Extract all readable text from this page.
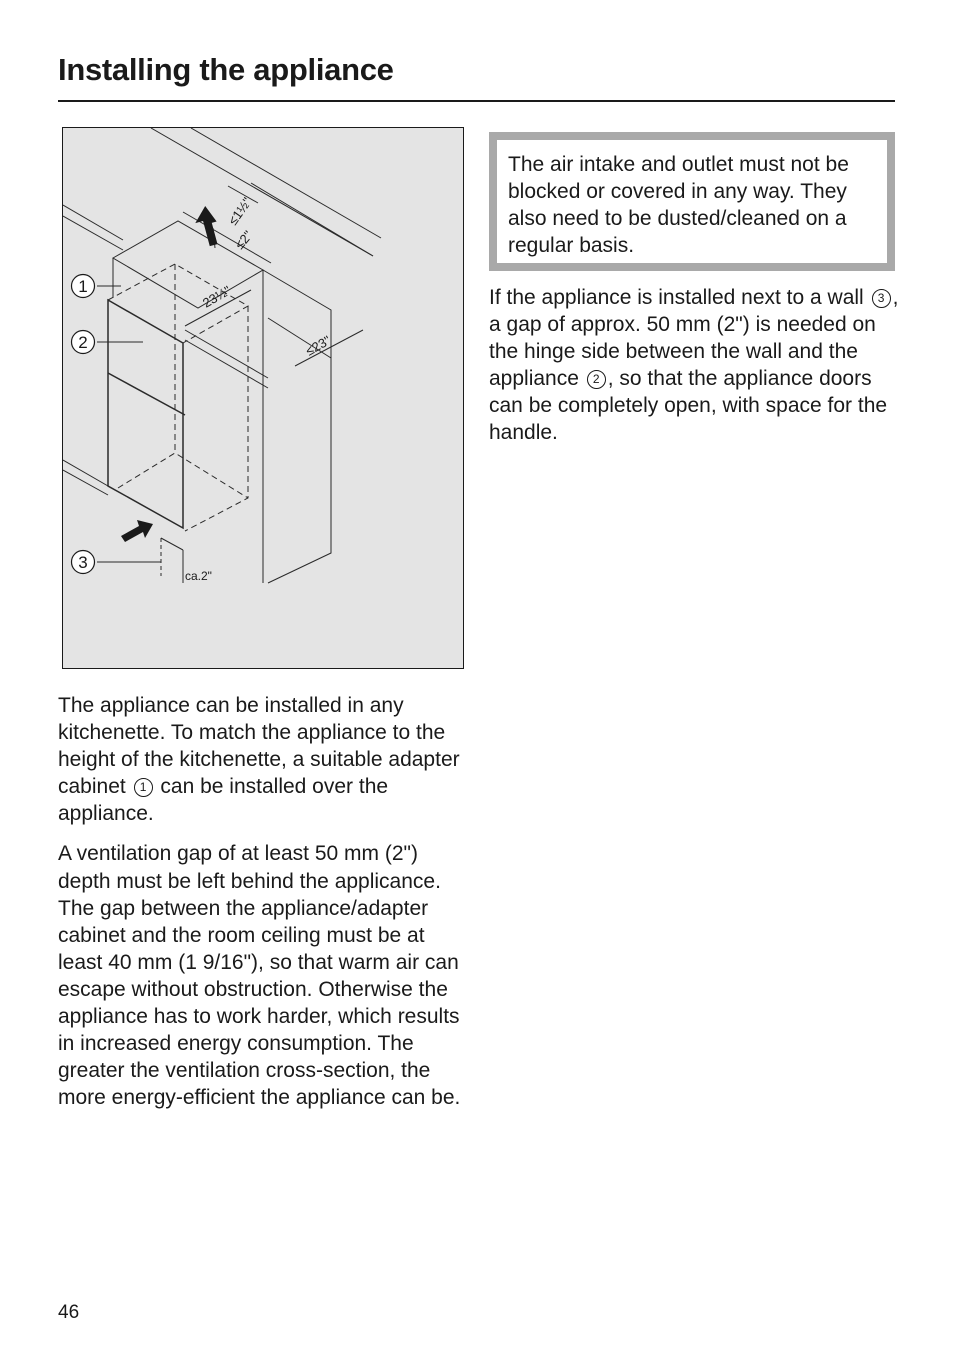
Installing the appliance
1
2
3
≤1½"
≤2"
23½"
≤23"
ca.2"

The air intake and outlet must not be blocked or covered in any way. They also need to be dusted/cleaned on a regular basis.

If the appliance is installed next to a wall 3 , a gap of approx. 50 mm (2") is needed on the hinge side between the wall and the appliance 2 , so that the appliance doors can be completely open, with space for the handle.

The appliance can be installed in any kitchenette. To match the appliance to the height of the kitchenette, a suitable adapter cabinet 1 can be installed over the appliance.

A ventilation gap of at least 50 mm (2") depth must be left behind the applicance. The gap between the appliance/adapter cabinet and the room ceiling must be at least 40 mm (1 9/16"), so that warm air can escape without obstruction. Otherwise the appliance has to work harder, which results in increased energy consumption. The greater the ventilation cross-section, the more energy-efficient the appliance can be.

46
